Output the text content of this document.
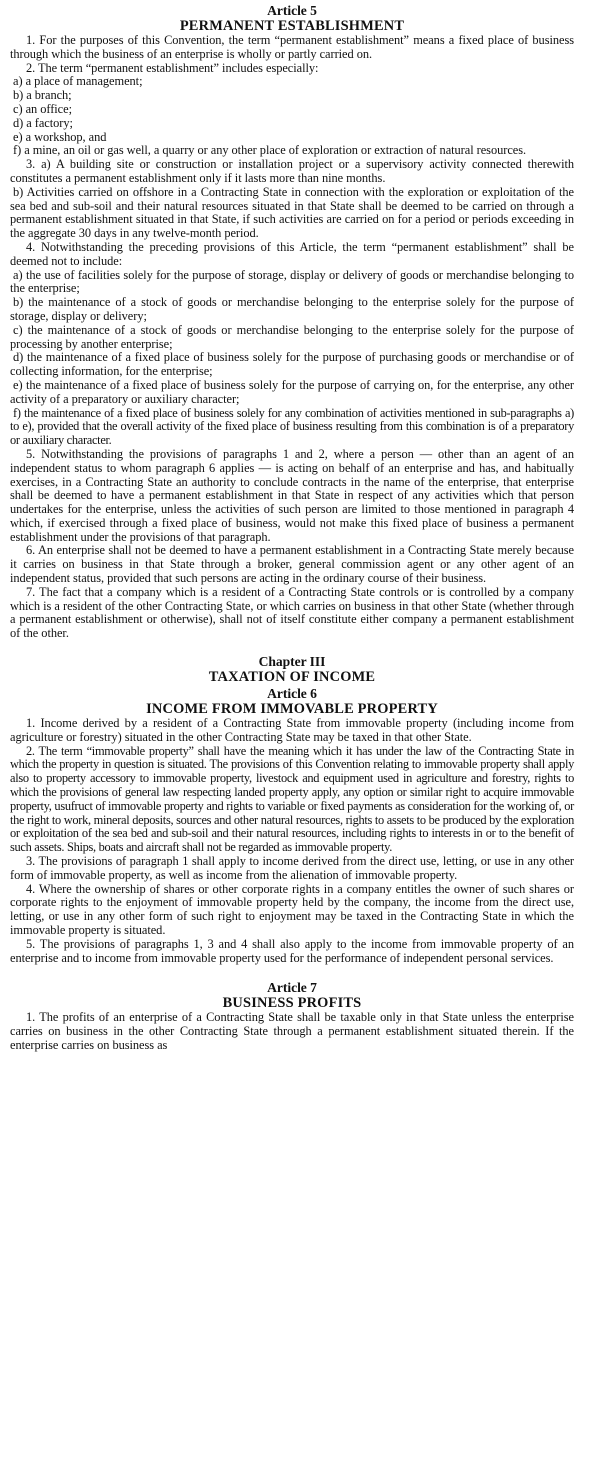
Article 5
PERMANENT ESTABLISHMENT

1. For the purposes of this Convention, the term “permanent establishment” means a fixed place of business through which the business of an enterprise is wholly or partly carried on.

2. The term “permanent establishment” includes especially:

a) a place of management;

b) a branch;

c) an office;

d) a factory;

e) a workshop, and

f) a mine, an oil or gas well, a quarry or any other place of exploration or extraction of natural resources.

3. a) A building site or construction or installation project or a supervisory activity connected therewith constitutes a permanent establishment only if it lasts more than nine months.

b) Activities carried on offshore in a Contracting State in connection with the exploration or exploitation of the sea bed and sub-soil and their natural resources situated in that State shall be deemed to be carried on through a permanent establishment situated in that State, if such activities are carried on for a period or periods exceeding in the aggregate 30 days in any twelve-month period.

4. Notwithstanding the preceding provisions of this Article, the term “permanent establishment” shall be deemed not to include:

a) the use of facilities solely for the purpose of storage, display or delivery of goods or merchandise belonging to the enterprise;

b) the maintenance of a stock of goods or merchandise belonging to the enterprise solely for the purpose of storage, display or delivery;

c) the maintenance of a stock of goods or merchandise belonging to the enterprise solely for the purpose of processing by another enterprise;

d) the maintenance of a fixed place of business solely for the purpose of purchasing goods or merchandise or of collecting information, for the enterprise;

e) the maintenance of a fixed place of business solely for the purpose of carrying on, for the enterprise, any other activity of a preparatory or auxiliary character;

f) the maintenance of a fixed place of business solely for any combination of activities mentioned in sub-paragraphs a) to e), provided that the overall activity of the fixed place of business resulting from this combination is of a preparatory or auxiliary character.

5. Notwithstanding the provisions of paragraphs 1 and 2, where a person — other than an agent of an independent status to whom paragraph 6 applies — is acting on behalf of an enterprise and has, and habitually exercises, in a Contracting State an authority to conclude contracts in the name of the enterprise, that enterprise shall be deemed to have a permanent establishment in that State in respect of any activities which that person undertakes for the enterprise, unless the activities of such person are limited to those mentioned in paragraph 4 which, if exercised through a fixed place of business, would not make this fixed place of business a permanent establishment under the provisions of that paragraph.

6. An enterprise shall not be deemed to have a permanent establishment in a Contracting State merely because it carries on business in that State through a broker, general commission agent or any other agent of an independent status, provided that such persons are acting in the ordinary course of their business.

7. The fact that a company which is a resident of a Contracting State controls or is controlled by a company which is a resident of the other Contracting State, or which carries on business in that other State (whether through a permanent establishment or otherwise), shall not of itself constitute either company a permanent establishment of the other.

Chapter III
TAXATION OF INCOME
Article 6
INCOME FROM IMMOVABLE PROPERTY

1. Income derived by a resident of a Contracting State from immovable property (including income from agriculture or forestry) situated in the other Contracting State may be taxed in that other State.

2. The term “immovable property” shall have the meaning which it has under the law of the Contracting State in which the property in question is situated. The provisions of this Convention relating to immovable property shall apply also to property accessory to immovable property, livestock and equipment used in agriculture and forestry, rights to which the provisions of general law respecting landed property apply, any option or similar right to acquire immovable property, usufruct of immovable property and rights to variable or fixed payments as consideration for the working of, or the right to work, mineral deposits, sources and other natural resources, rights to assets to be produced by the exploration or exploitation of the sea bed and sub-soil and their natural resources, including rights to interests in or to the benefit of such assets. Ships, boats and aircraft shall not be regarded as immovable property.

3. The provisions of paragraph 1 shall apply to income derived from the direct use, letting, or use in any other form of immovable property, as well as income from the alienation of immovable property.

4. Where the ownership of shares or other corporate rights in a company entitles the owner of such shares or corporate rights to the enjoyment of immovable property held by the company, the income from the direct use, letting, or use in any other form of such right to enjoyment may be taxed in the Contracting State in which the immovable property is situated.

5. The provisions of paragraphs 1, 3 and 4 shall also apply to the income from immovable property of an enterprise and to income from immovable property used for the performance of independent personal services.

Article 7
BUSINESS PROFITS

1. The profits of an enterprise of a Contracting State shall be taxable only in that State unless the enterprise carries on business in the other Contracting State through a permanent establishment situated therein. If the enterprise carries on business as
